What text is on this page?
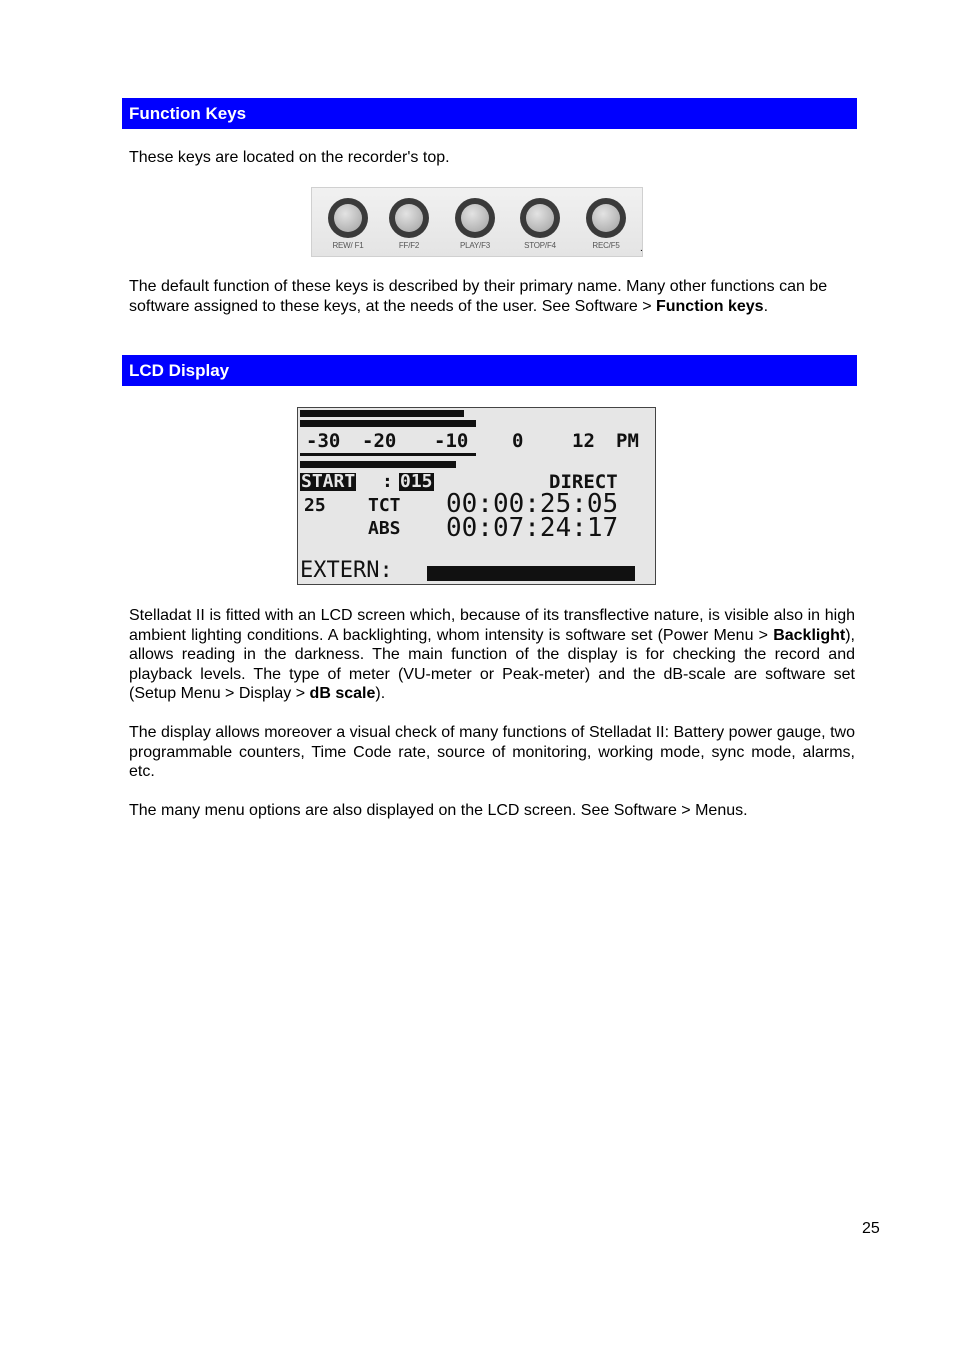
Function Keys

These keys are located on the recorder's top.

REW/ F1	FF/F2	PLAY/F3	STOP/F4	REC/F5	.

The default function of these keys is described by their primary name. Many other functions can be software assigned to these keys, at the needs of the user. See Software > Function keys.

LCD Display
-30 -20 -10 0	12 PM
START : 015	DIRECT
25 TCT 00:00:25:05
ABS 00:07:24:17
EXTERN:

Stelladat II is fitted with an LCD screen which, because of its transflective nature, is visible also in high ambient lighting conditions. A backlighting, whom intensity is software set (Power Menu > Backlight), allows reading in the darkness. The main function of the display is for checking the record and playback levels. The type of meter (VU-meter or Peak-meter) and the dB-scale are software set (Setup Menu > Display > dB scale).

The display allows moreover a visual check of many functions of Stelladat II: Battery power gauge, two programmable counters, Time Code rate, source of monitoring, working mode, sync mode, alarms, etc.

The many menu options are also displayed on the LCD screen. See Software > Menus.

25
